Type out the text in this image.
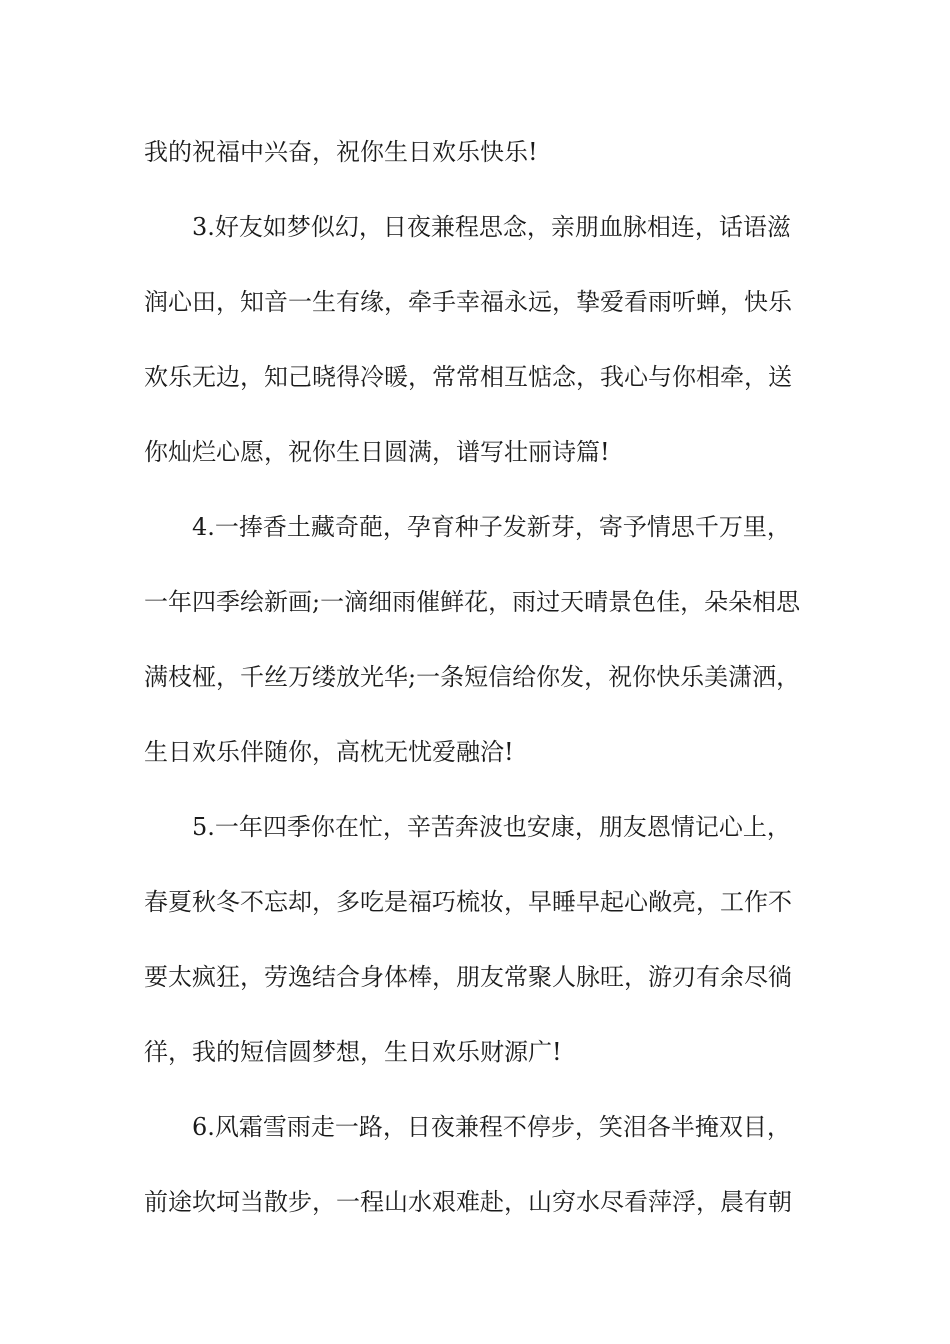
我的祝福中兴奋，祝你生日欢乐快乐!
3.好友如梦似幻，日夜兼程思念，亲朋血脉相连，话语滋
润心田，知音一生有缘，牵手幸福永远，挚爱看雨听蝉，快乐
欢乐无边，知己晓得冷暖，常常相互惦念，我心与你相牵，送
你灿烂心愿，祝你生日圆满，谱写壮丽诗篇!
4.一捧香土藏奇葩，孕育种子发新芽，寄予情思千万里，
一年四季绘新画;一滴细雨催鲜花，雨过天晴景色佳，朵朵相思
满枝桠，千丝万缕放光华;一条短信给你发，祝你快乐美潇洒，
生日欢乐伴随你，高枕无忧爱融洽!
5.一年四季你在忙，辛苦奔波也安康，朋友恩情记心上，
春夏秋冬不忘却，多吃是福巧梳妆，早睡早起心敞亮，工作不
要太疯狂，劳逸结合身体棒，朋友常聚人脉旺，游刃有余尽徜
徉，我的短信圆梦想，生日欢乐财源广!
6.风霜雪雨走一路，日夜兼程不停步，笑泪各半掩双目，
前途坎坷当散步，一程山水艰难赴，山穷水尽看萍浮，晨有朝
